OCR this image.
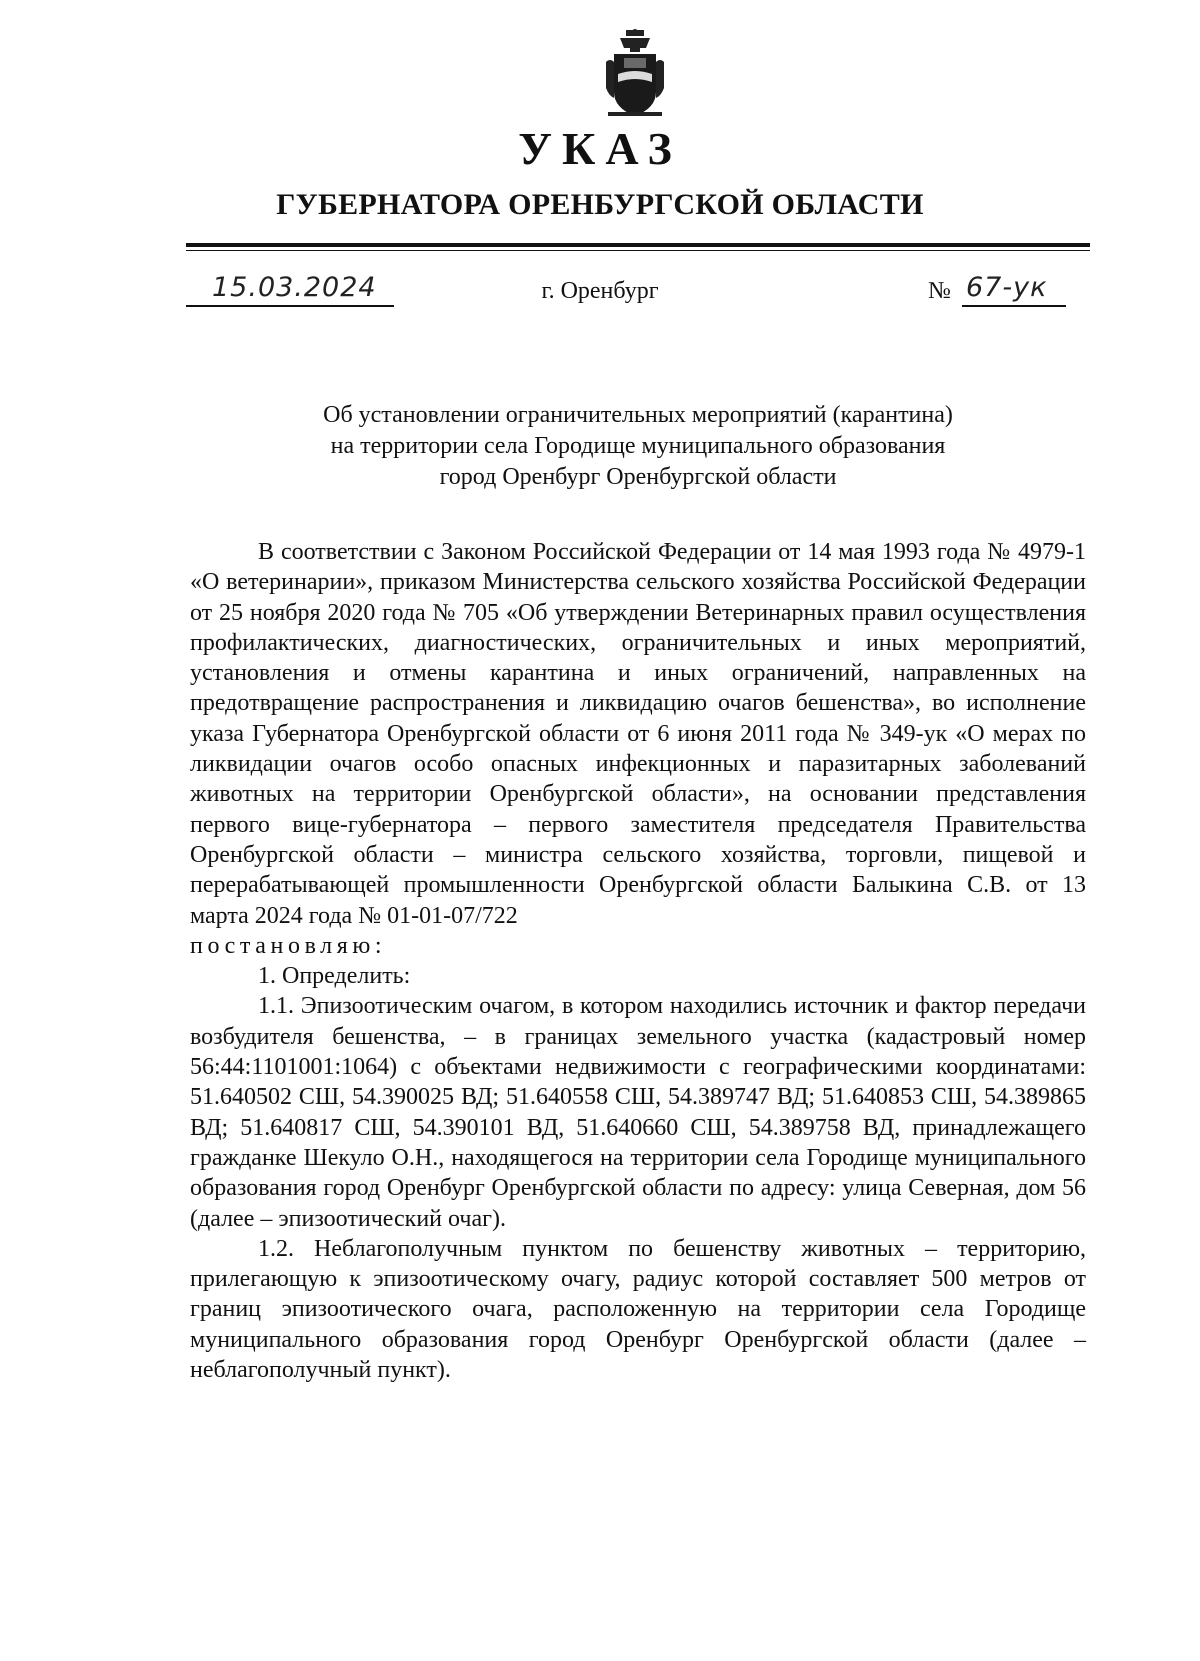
УКАЗ
ГУБЕРНАТОРА ОРЕНБУРГСКОЙ ОБЛАСТИ
15.03.2024	г. Оренбург	№ 67-ук
Об установлении ограничительных мероприятий (карантина)
на территории села Городище муниципального образования
город Оренбург Оренбургской области

В соответствии с Законом Российской Федерации от 14 мая 1993 года № 4979-1 «О ветеринарии», приказом Министерства сельского хозяйства Российской Федерации от 25 ноября 2020 года № 705 «Об утверждении Ветеринарных правил осуществления профилактических, диагностических, ограничительных и иных мероприятий, установления и отмены карантина и иных ограничений, направленных на предотвращение распространения и ликвидацию очагов бешенства», во исполнение указа Губернатора Оренбургской области от 6 июня 2011 года № 349-ук «О мерах по ликвидации очагов особо опасных инфекционных и паразитарных заболеваний животных на территории Оренбургской области», на основании представления первого вице-губернатора – первого заместителя председателя Правительства Оренбургской области – министра сельского хозяйства, торговли, пищевой и перерабатывающей промышленности Оренбургской области Балыкина С.В. от 13 марта 2024 года № 01-01-07/722

постановляю:

1. Определить:

1.1. Эпизоотическим очагом, в котором находились источник и фактор передачи возбудителя бешенства, – в границах земельного участка (кадастровый номер 56:44:1101001:1064) с объектами недвижимости с географическими координатами: 51.640502 СШ, 54.390025 ВД; 51.640558 СШ, 54.389747 ВД; 51.640853 СШ, 54.389865 ВД; 51.640817 СШ, 54.390101 ВД, 51.640660 СШ, 54.389758 ВД, принадлежащего гражданке Шекуло О.Н., находящегося на территории села Городище муниципального образования город Оренбург Оренбургской области по адресу: улица Северная, дом 56 (далее – эпизоотический очаг).

1.2. Неблагополучным пунктом по бешенству животных – территорию, прилегающую к эпизоотическому очагу, радиус которой составляет 500 метров от границ эпизоотического очага, расположенную на территории села Городище муниципального образования город Оренбург Оренбургской области (далее – неблагополучный пункт).
